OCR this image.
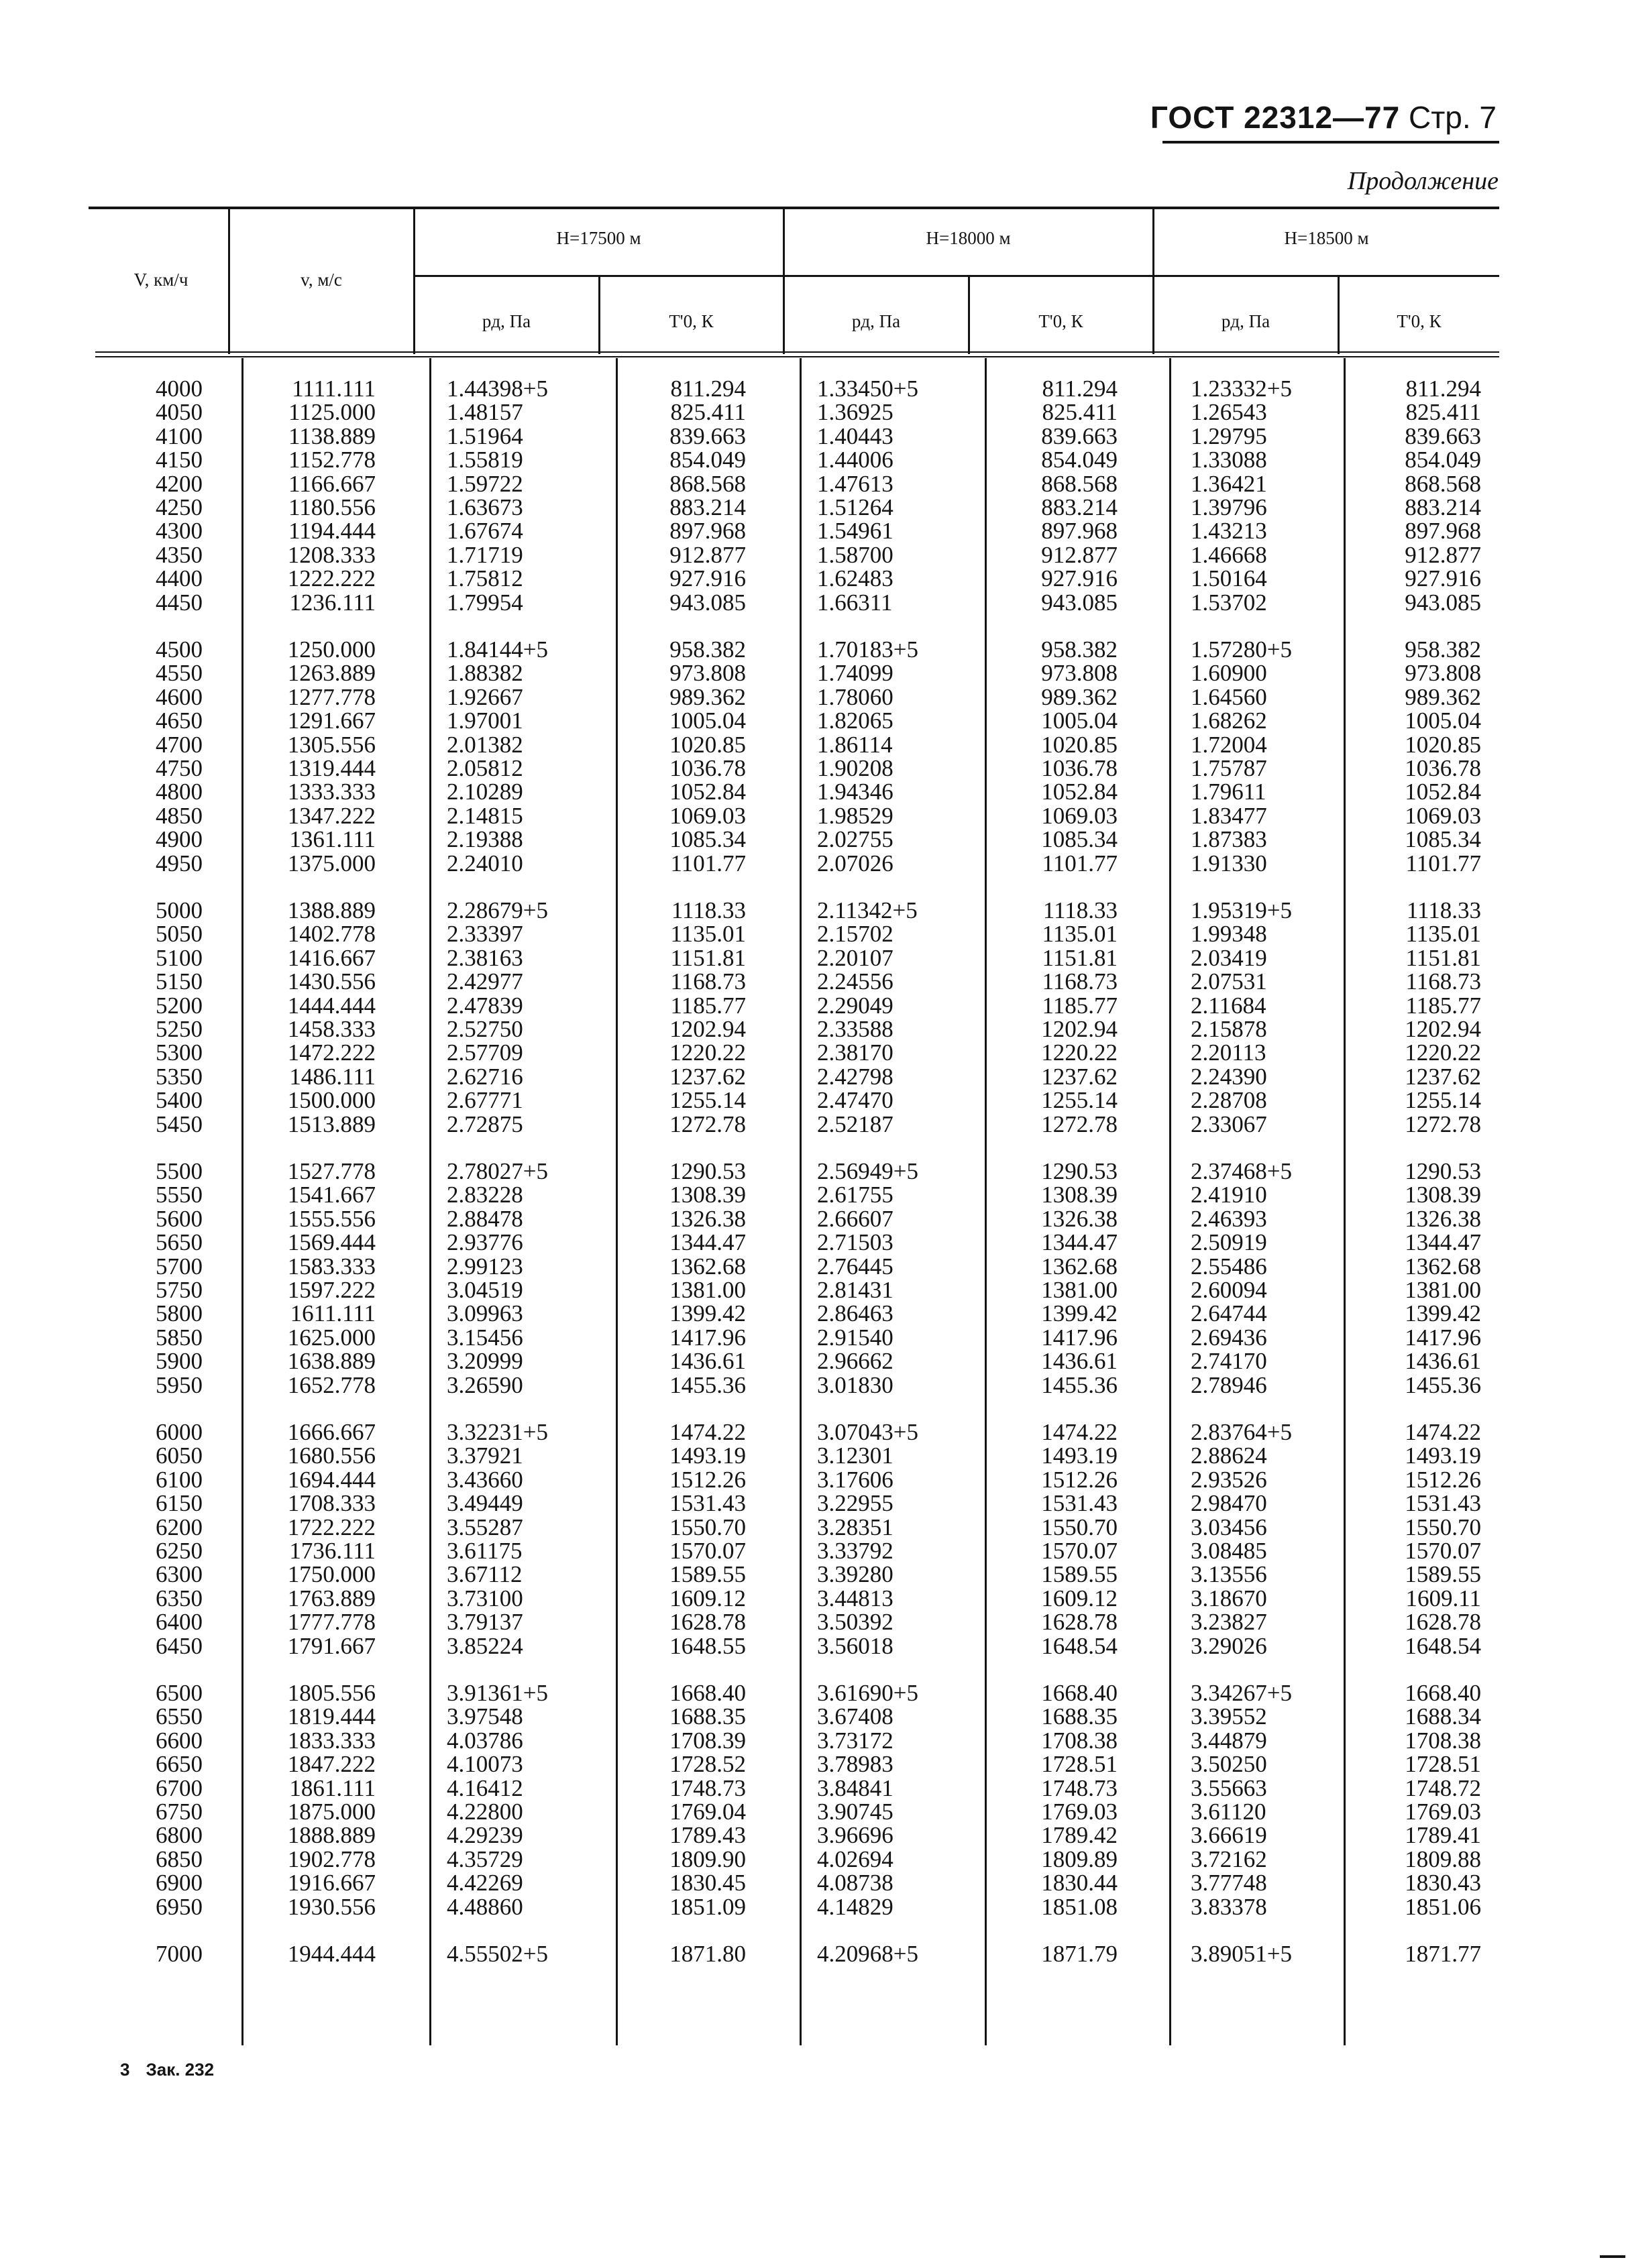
ГОСТ 22312—77 Стр. 7
Продолжение
V, км/ч	v, м/с
H=17500 м	H=18000 м	H=18500 м
pд, Па	T'0, К	pд, Па	T'0, К	pд, Па	T'0, К
4000	1111.111	1.44398+5	811.294	1.33450+5	811.294	1.23332+5	811.294
4050	1125.000	1.48157	825.411	1.36925	825.411	1.26543	825.411
4100	1138.889	1.51964	839.663	1.40443	839.663	1.29795	839.663
4150	1152.778	1.55819	854.049	1.44006	854.049	1.33088	854.049
4200	1166.667	1.59722	868.568	1.47613	868.568	1.36421	868.568
4250	1180.556	1.63673	883.214	1.51264	883.214	1.39796	883.214
4300	1194.444	1.67674	897.968	1.54961	897.968	1.43213	897.968
4350	1208.333	1.71719	912.877	1.58700	912.877	1.46668	912.877
4400	1222.222	1.75812	927.916	1.62483	927.916	1.50164	927.916
4450	1236.111	1.79954	943.085	1.66311	943.085	1.53702	943.085
4500	1250.000	1.84144+5	958.382	1.70183+5	958.382	1.57280+5	958.382
4550	1263.889	1.88382	973.808	1.74099	973.808	1.60900	973.808
4600	1277.778	1.92667	989.362	1.78060	989.362	1.64560	989.362
4650	1291.667	1.97001	1005.04	1.82065	1005.04	1.68262	1005.04
4700	1305.556	2.01382	1020.85	1.86114	1020.85	1.72004	1020.85
4750	1319.444	2.05812	1036.78	1.90208	1036.78	1.75787	1036.78
4800	1333.333	2.10289	1052.84	1.94346	1052.84	1.79611	1052.84
4850	1347.222	2.14815	1069.03	1.98529	1069.03	1.83477	1069.03
4900	1361.111	2.19388	1085.34	2.02755	1085.34	1.87383	1085.34
4950	1375.000	2.24010	1101.77	2.07026	1101.77	1.91330	1101.77
5000	1388.889	2.28679+5	1118.33	2.11342+5	1118.33	1.95319+5	1118.33
5050	1402.778	2.33397	1135.01	2.15702	1135.01	1.99348	1135.01
5100	1416.667	2.38163	1151.81	2.20107	1151.81	2.03419	1151.81
5150	1430.556	2.42977	1168.73	2.24556	1168.73	2.07531	1168.73
5200	1444.444	2.47839	1185.77	2.29049	1185.77	2.11684	1185.77
5250	1458.333	2.52750	1202.94	2.33588	1202.94	2.15878	1202.94
5300	1472.222	2.57709	1220.22	2.38170	1220.22	2.20113	1220.22
5350	1486.111	2.62716	1237.62	2.42798	1237.62	2.24390	1237.62
5400	1500.000	2.67771	1255.14	2.47470	1255.14	2.28708	1255.14
5450	1513.889	2.72875	1272.78	2.52187	1272.78	2.33067	1272.78
5500	1527.778	2.78027+5	1290.53	2.56949+5	1290.53	2.37468+5	1290.53
5550	1541.667	2.83228	1308.39	2.61755	1308.39	2.41910	1308.39
5600	1555.556	2.88478	1326.38	2.66607	1326.38	2.46393	1326.38
5650	1569.444	2.93776	1344.47	2.71503	1344.47	2.50919	1344.47
5700	1583.333	2.99123	1362.68	2.76445	1362.68	2.55486	1362.68
5750	1597.222	3.04519	1381.00	2.81431	1381.00	2.60094	1381.00
5800	1611.111	3.09963	1399.42	2.86463	1399.42	2.64744	1399.42
5850	1625.000	3.15456	1417.96	2.91540	1417.96	2.69436	1417.96
5900	1638.889	3.20999	1436.61	2.96662	1436.61	2.74170	1436.61
5950	1652.778	3.26590	1455.36	3.01830	1455.36	2.78946	1455.36
6000	1666.667	3.32231+5	1474.22	3.07043+5	1474.22	2.83764+5	1474.22
6050	1680.556	3.37921	1493.19	3.12301	1493.19	2.88624	1493.19
6100	1694.444	3.43660	1512.26	3.17606	1512.26	2.93526	1512.26
6150	1708.333	3.49449	1531.43	3.22955	1531.43	2.98470	1531.43
6200	1722.222	3.55287	1550.70	3.28351	1550.70	3.03456	1550.70
6250	1736.111	3.61175	1570.07	3.33792	1570.07	3.08485	1570.07
6300	1750.000	3.67112	1589.55	3.39280	1589.55	3.13556	1589.55
6350	1763.889	3.73100	1609.12	3.44813	1609.12	3.18670	1609.11
6400	1777.778	3.79137	1628.78	3.50392	1628.78	3.23827	1628.78
6450	1791.667	3.85224	1648.55	3.56018	1648.54	3.29026	1648.54
6500	1805.556	3.91361+5	1668.40	3.61690+5	1668.40	3.34267+5	1668.40
6550	1819.444	3.97548	1688.35	3.67408	1688.35	3.39552	1688.34
6600	1833.333	4.03786	1708.39	3.73172	1708.38	3.44879	1708.38
6650	1847.222	4.10073	1728.52	3.78983	1728.51	3.50250	1728.51
6700	1861.111	4.16412	1748.73	3.84841	1748.73	3.55663	1748.72
6750	1875.000	4.22800	1769.04	3.90745	1769.03	3.61120	1769.03
6800	1888.889	4.29239	1789.43	3.96696	1789.42	3.66619	1789.41
6850	1902.778	4.35729	1809.90	4.02694	1809.89	3.72162	1809.88
6900	1916.667	4.42269	1830.45	4.08738	1830.44	3.77748	1830.43
6950	1930.556	4.48860	1851.09	4.14829	1851.08	3.83378	1851.06
7000	1944.444	4.55502+5	1871.80	4.20968+5	1871.79	3.89051+5	1871.77
3 Зак. 232
